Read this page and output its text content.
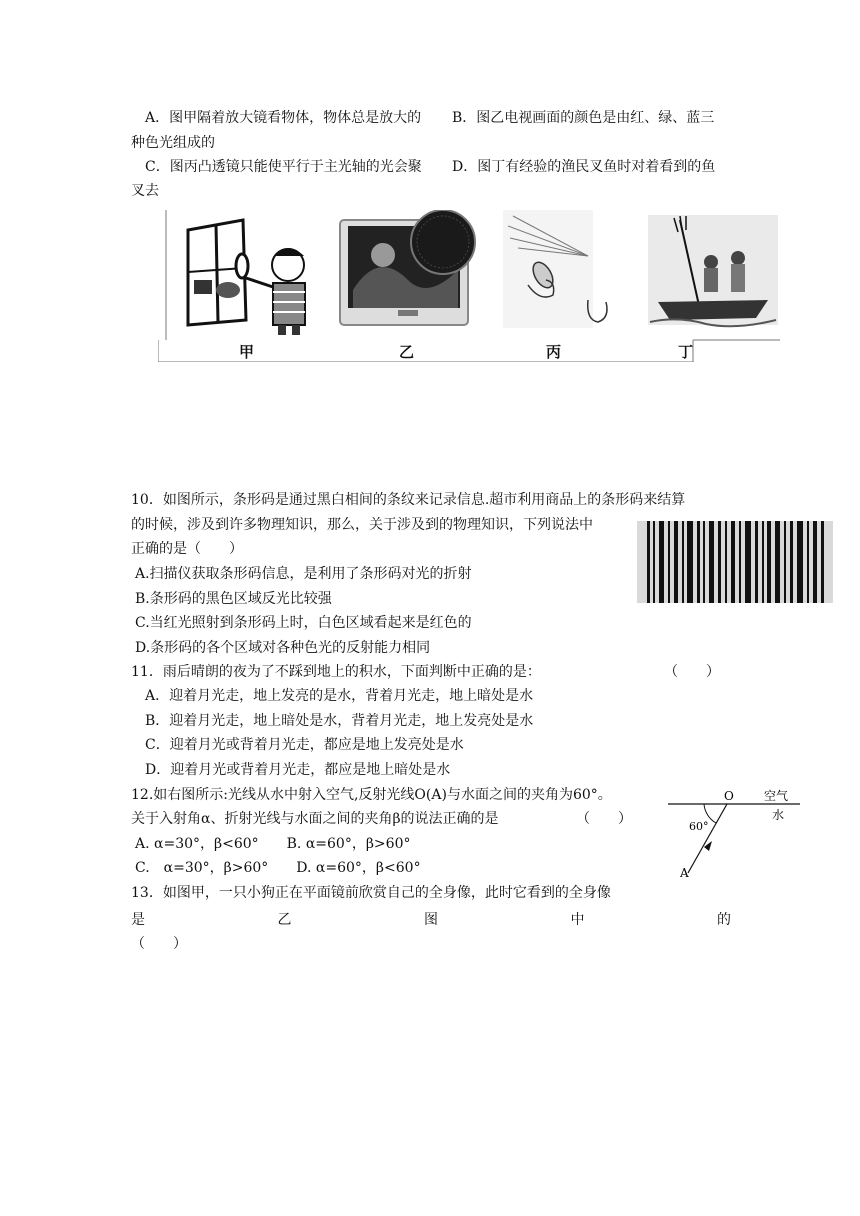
A．图甲隔着放大镜看物体，物体总是放大的 B．图乙电视画面的颜色是由红、绿、蓝三
种色光组成的
C．图丙凸透镜只能使平行于主光轴的光会聚 D．图丁有经验的渔民叉鱼时对着看到的鱼
叉去
甲	乙	丙	丁
10．如图所示，条形码是通过黑白相间的条纹来记录信息.超市利用商品上的条形码来结算
的时候，涉及到许多物理知识，那么，关于涉及到的物理知识，下列说法中
正确的是（　　）
A.扫描仪获取条形码信息，是利用了条形码对光的折射
B.条形码的黑色区域反光比较强
C.当红光照射到条形码上时，白色区域看起来是红色的
D.条形码的各个区域对各种色光的反射能力相同
11．雨后晴朗的夜为了不踩到地上的积水，下面判断中正确的是：	（　　）
A．迎着月光走，地上发亮的是水，背着月光走，地上暗处是水
B．迎着月光走，地上暗处是水，背着月光走，地上发亮处是水
C．迎着月光或背着月光走，都应是地上发亮处是水
D．迎着月光或背着月光走，都应是地上暗处是水
12.如右图所示:光线从水中射入空气,反射光线O(A)与水面之间的夹角为60°。
关于入射角α、折射光线与水面之间的夹角β的说法正确的是	（　　）
A. α=30°，β<60°　　B. α=60°，β>60°
C.　α=30°，β>60°　　D. α=60°，β<60°
O	空气
水
60°
A
13．如图甲，一只小狗正在平面镜前欣赏自己的全身像，此时它看到的全身像
是	乙	图	中	的
（　　）
